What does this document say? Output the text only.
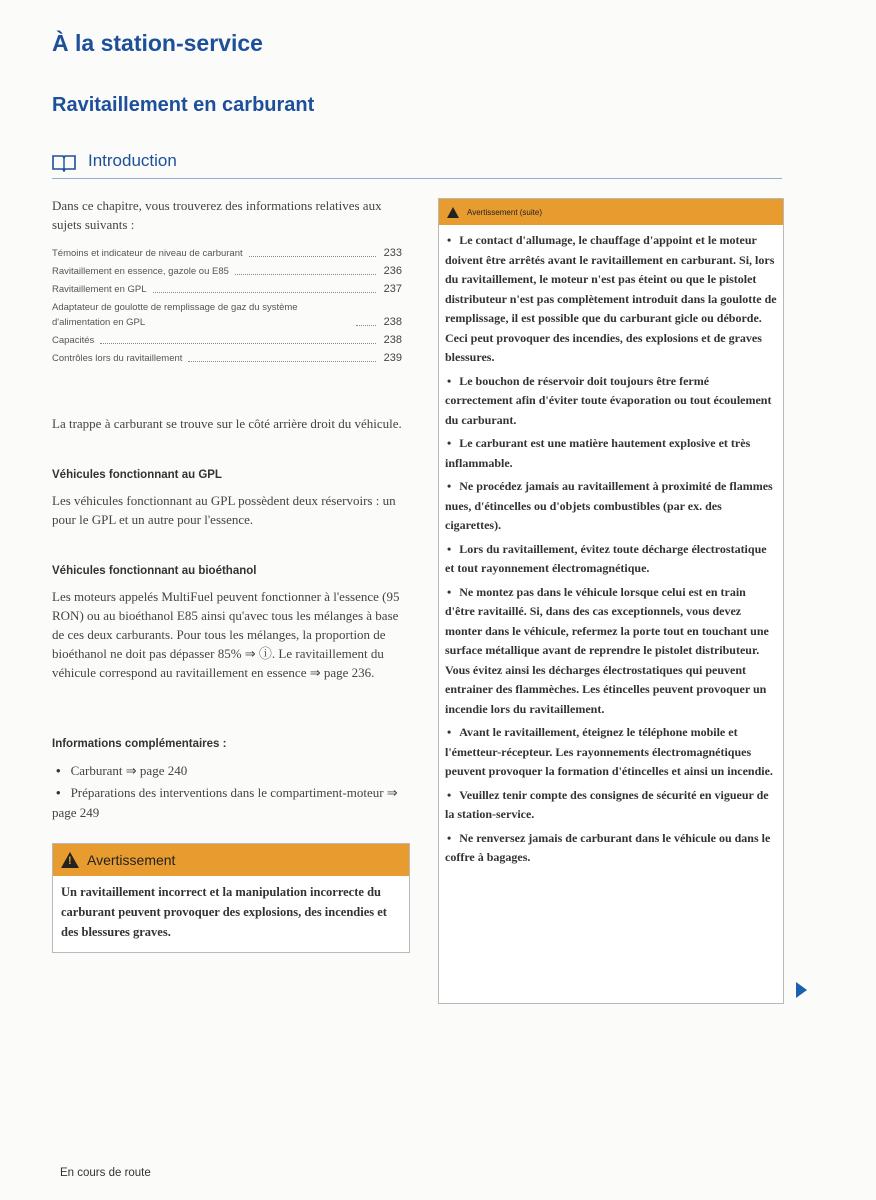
À la station-service
Ravitaillement en carburant
Introduction

Dans ce chapitre, vous trouverez des informations relatives aux sujets suivants :

Témoins et indicateur de niveau de carburant	233
Ravitaillement en essence, gazole ou E85	236
Ravitaillement en GPL	237
Adaptateur de goulotte de remplissage de gaz du système d'alimentation en GPL	238
Capacités	238
Contrôles lors du ravitaillement	239

La trappe à carburant se trouve sur le côté arrière droit du véhicule.

Véhicules fonctionnant au GPL

Les véhicules fonctionnant au GPL possèdent deux réservoirs : un pour le GPL et un autre pour l'essence.

Véhicules fonctionnant au bioéthanol

Les moteurs appelés MultiFuel peuvent fonctionner à l'essence (95 RON) ou au bioéthanol E85 ainsi qu'avec tous les mélanges à base de ces deux carburants. Pour tous les mélanges, la proportion de bioéthanol ne doit pas dépasser 85% ⇒ ⓘ. Le ravitaillement du véhicule correspond au ravitaillement en essence ⇒ page 236.

Informations complémentaires :

• Carburant ⇒ page 240

• Préparations des interventions dans le compartiment-moteur ⇒ page 249

! Avertissement
Un ravitaillement incorrect et la manipulation incorrecte du carburant peuvent provoquer des explosions, des incendies et des blessures graves.
Avertissement (suite)

• Le contact d'allumage, le chauffage d'appoint et le moteur doivent être arrêtés avant le ravitaillement en carburant. Si, lors du ravitaillement, le moteur n'est pas éteint ou que le pistolet distributeur n'est pas complètement introduit dans la goulotte de remplissage, il est possible que du carburant gicle ou déborde. Ceci peut provoquer des incendies, des explosions et de graves blessures.

• Le bouchon de réservoir doit toujours être fermé correctement afin d'éviter toute évaporation ou tout écoulement du carburant.

• Le carburant est une matière hautement explosive et très inflammable.

• Ne procédez jamais au ravitaillement à proximité de flammes nues, d'étincelles ou d'objets combustibles (par ex. des cigarettes).

• Lors du ravitaillement, évitez toute décharge électrostatique et tout rayonnement électromagnétique.

• Ne montez pas dans le véhicule lorsque celui est en train d'être ravitaillé. Si, dans des cas exceptionnels, vous devez monter dans le véhicule, refermez la porte tout en touchant une surface métallique avant de reprendre le pistolet distributeur. Vous évitez ainsi les décharges électrostatiques qui peuvent entrainer des flammèches. Les étincelles peuvent provoquer un incendie lors du ravitaillement.

• Avant le ravitaillement, éteignez le téléphone mobile et l'émetteur-récepteur. Les rayonnements électromagnétiques peuvent provoquer la formation d'étincelles et ainsi un incendie.

• Veuillez tenir compte des consignes de sécurité en vigueur de la station-service.

• Ne renversez jamais de carburant dans le véhicule ou dans le coffre à bagages.

En cours de route
